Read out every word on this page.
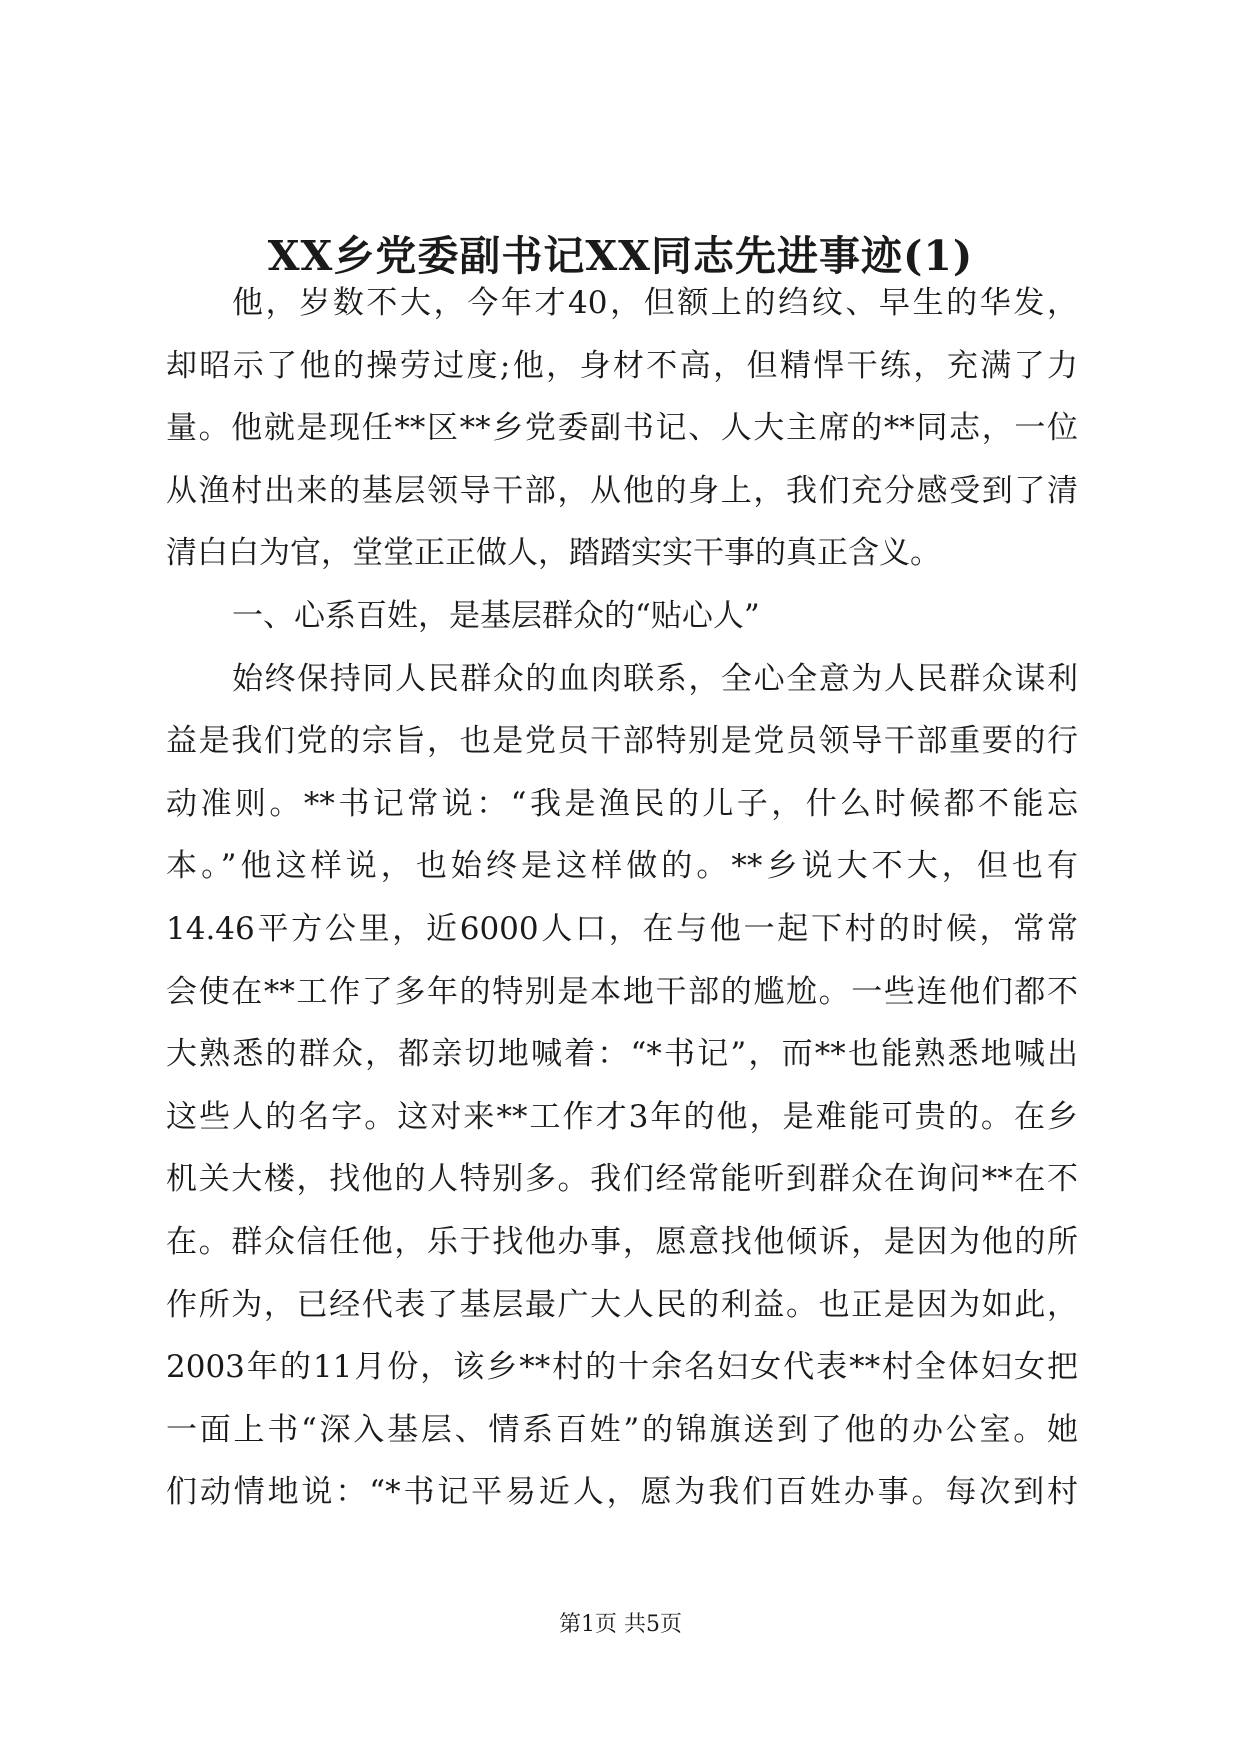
XX乡党委副书记XX同志先进事迹(1)
他，岁数不大，今年才40，但额上的绉纹、早生的华发，
却昭示了他的操劳过度;他，身材不高，但精悍干练，充满了力
量。他就是现任**区**乡党委副书记、人大主席的**同志，一位
从渔村出来的基层领导干部，从他的身上，我们充分感受到了清
清白白为官，堂堂正正做人，踏踏实实干事的真正含义。
一、心系百姓，是基层群众的“贴心人”
始终保持同人民群众的血肉联系，全心全意为人民群众谋利
益是我们党的宗旨，也是党员干部特别是党员领导干部重要的行
动准则。**书记常说：“我是渔民的儿子，什么时候都不能忘
本。”他这样说，也始终是这样做的。**乡说大不大，但也有
14.46平方公里，近6000人口，在与他一起下村的时候，常常
会使在**工作了多年的特别是本地干部的尴尬。一些连他们都不
大熟悉的群众，都亲切地喊着：“*书记”，而**也能熟悉地喊出
这些人的名字。这对来**工作才3年的他，是难能可贵的。在乡
机关大楼，找他的人特别多。我们经常能听到群众在询问**在不
在。群众信任他，乐于找他办事，愿意找他倾诉，是因为他的所
作所为，已经代表了基层最广大人民的利益。也正是因为如此，
2003年的11月份，该乡**村的十余名妇女代表**村全体妇女把
一面上书“深入基层、情系百姓”的锦旗送到了他的办公室。她
们动情地说：“*书记平易近人，愿为我们百姓办事。每次到村
第1页 共5页
